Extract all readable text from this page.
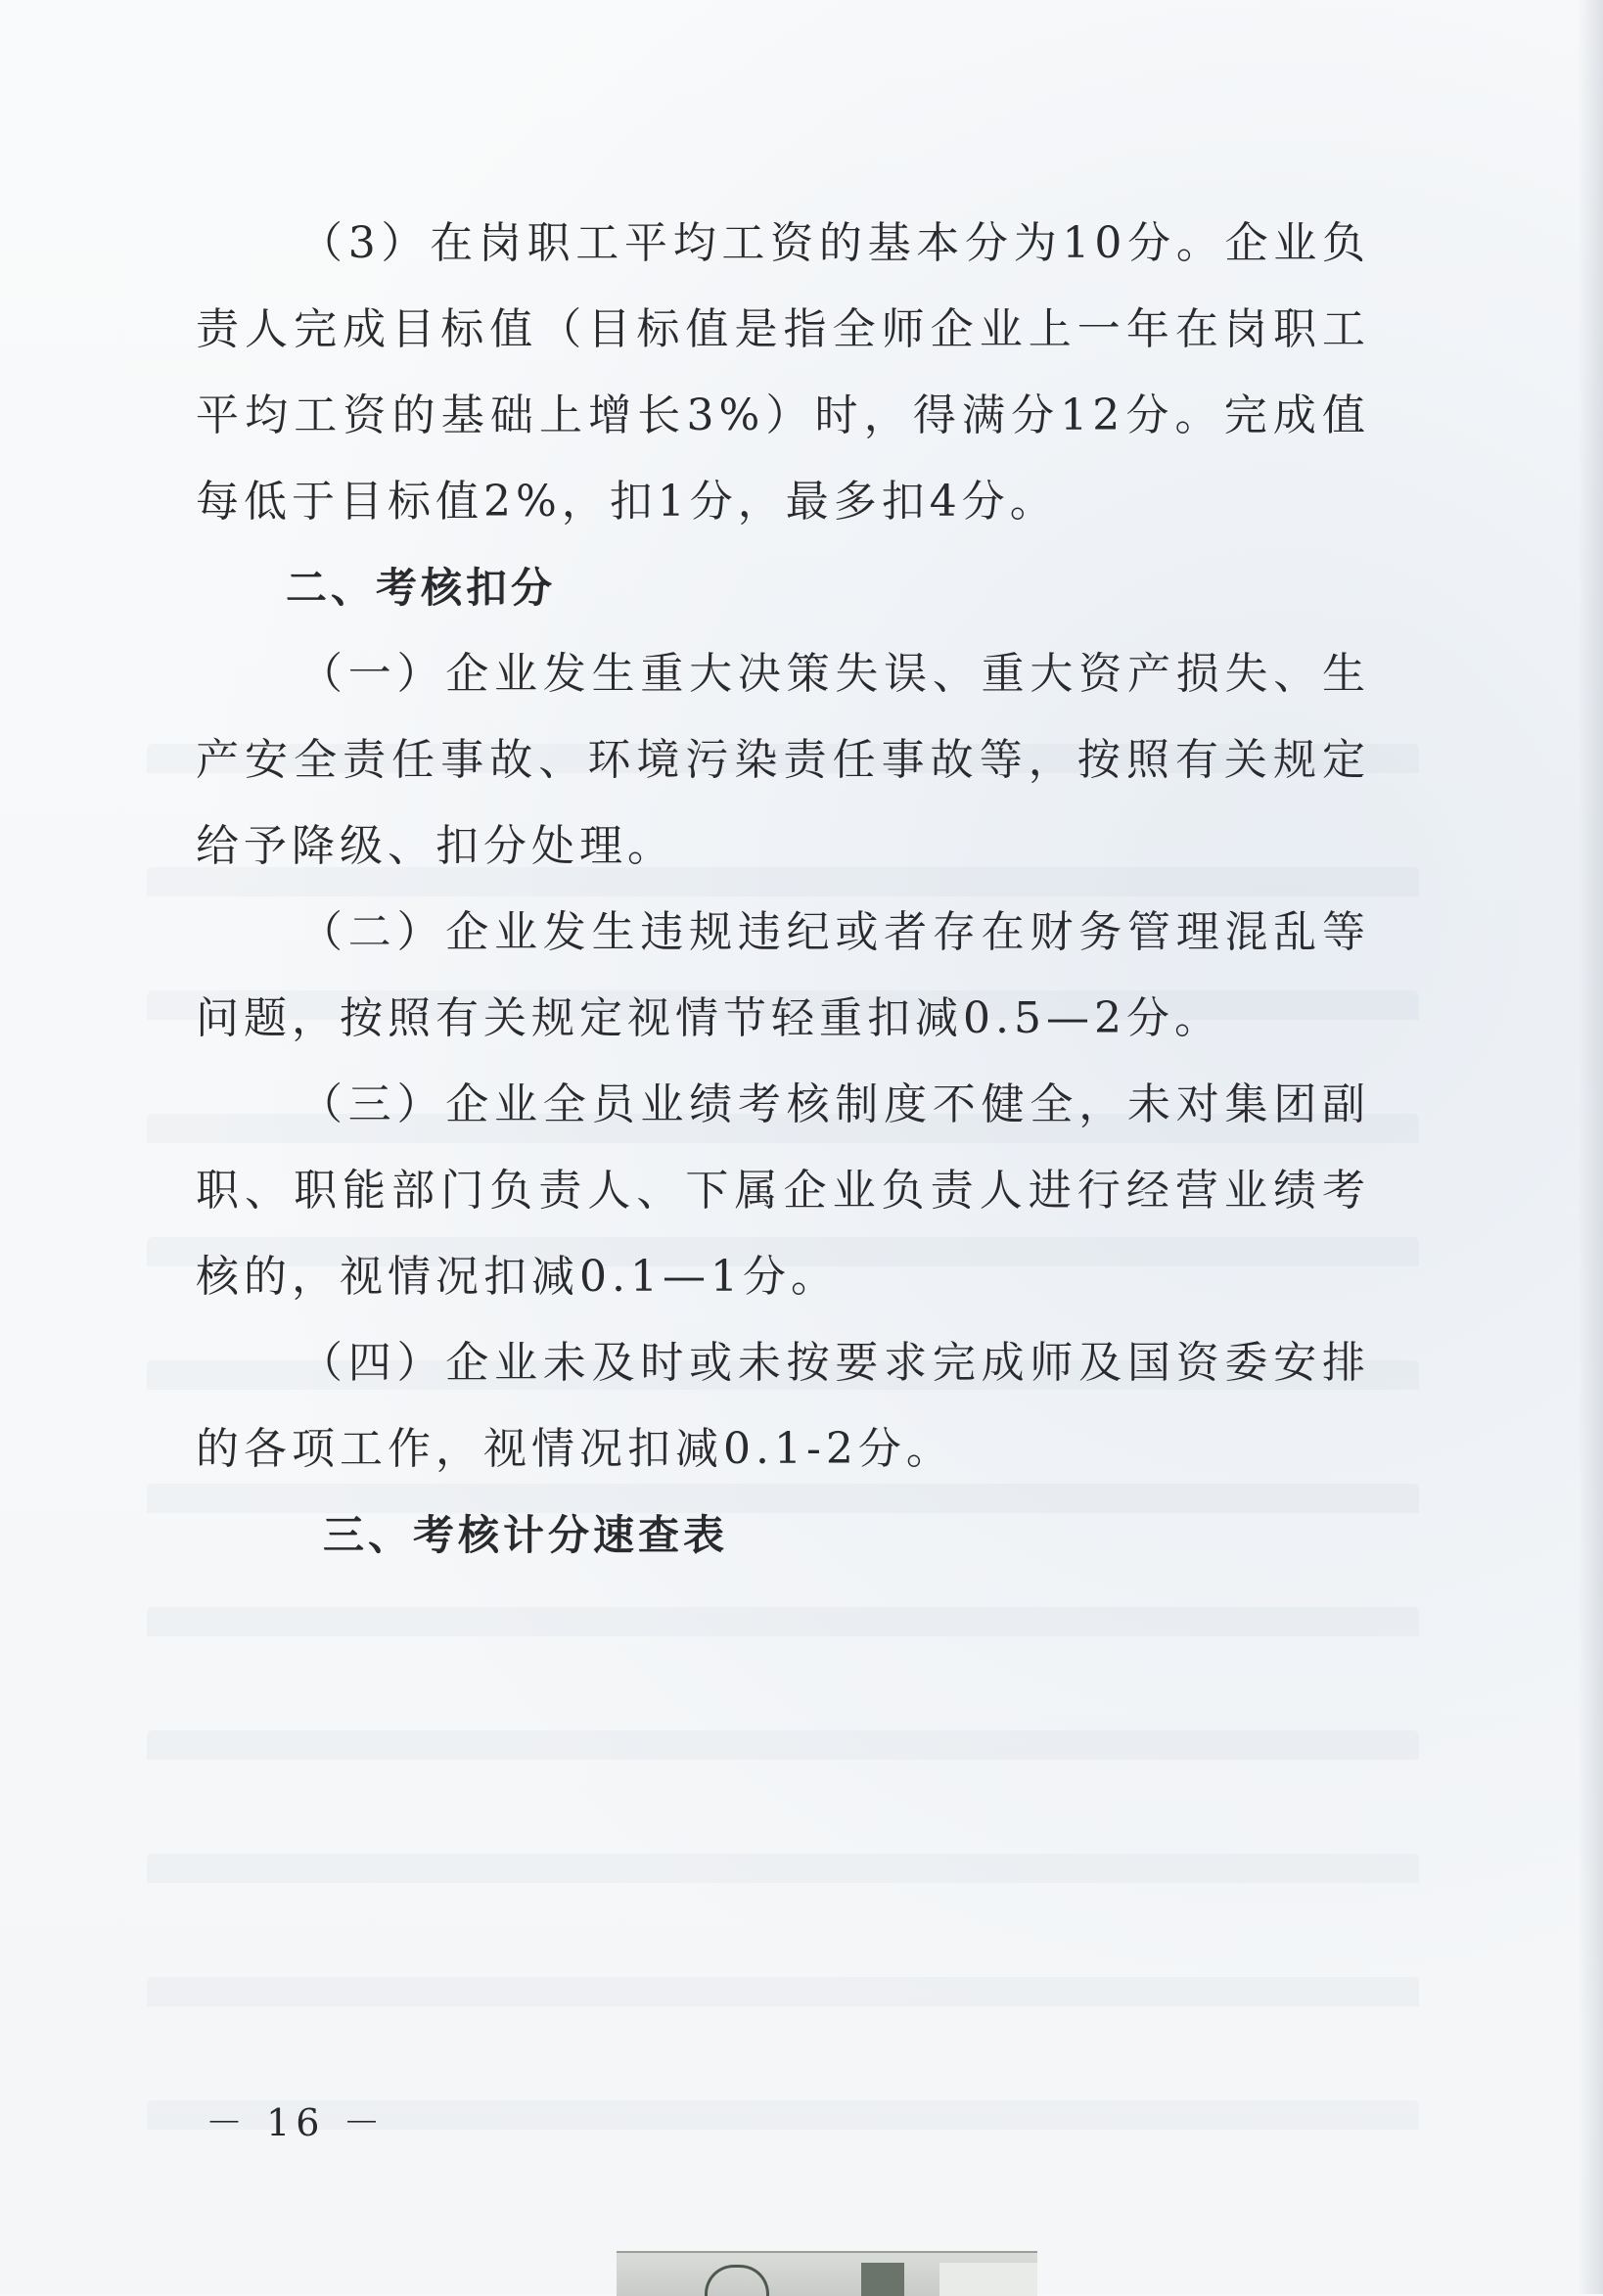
（3）在岗职工平均工资的基本分为10分。企业负责人完成目标值（目标值是指全师企业上一年在岗职工平均工资的基础上增长3%）时，得满分12分。完成值每低于目标值2%，扣1分，最多扣4分。

二、考核扣分

（一）企业发生重大决策失误、重大资产损失、生产安全责任事故、环境污染责任事故等，按照有关规定给予降级、扣分处理。

（二）企业发生违规违纪或者存在财务管理混乱等问题，按照有关规定视情节轻重扣减0.5—2分。

（三）企业全员业绩考核制度不健全，未对集团副职、职能部门负责人、下属企业负责人进行经营业绩考核的，视情况扣减0.1—1分。

（四）企业未及时或未按要求完成师及国资委安排的各项工作，视情况扣减0.1-2分。

三、考核计分速查表

－ 16 －
